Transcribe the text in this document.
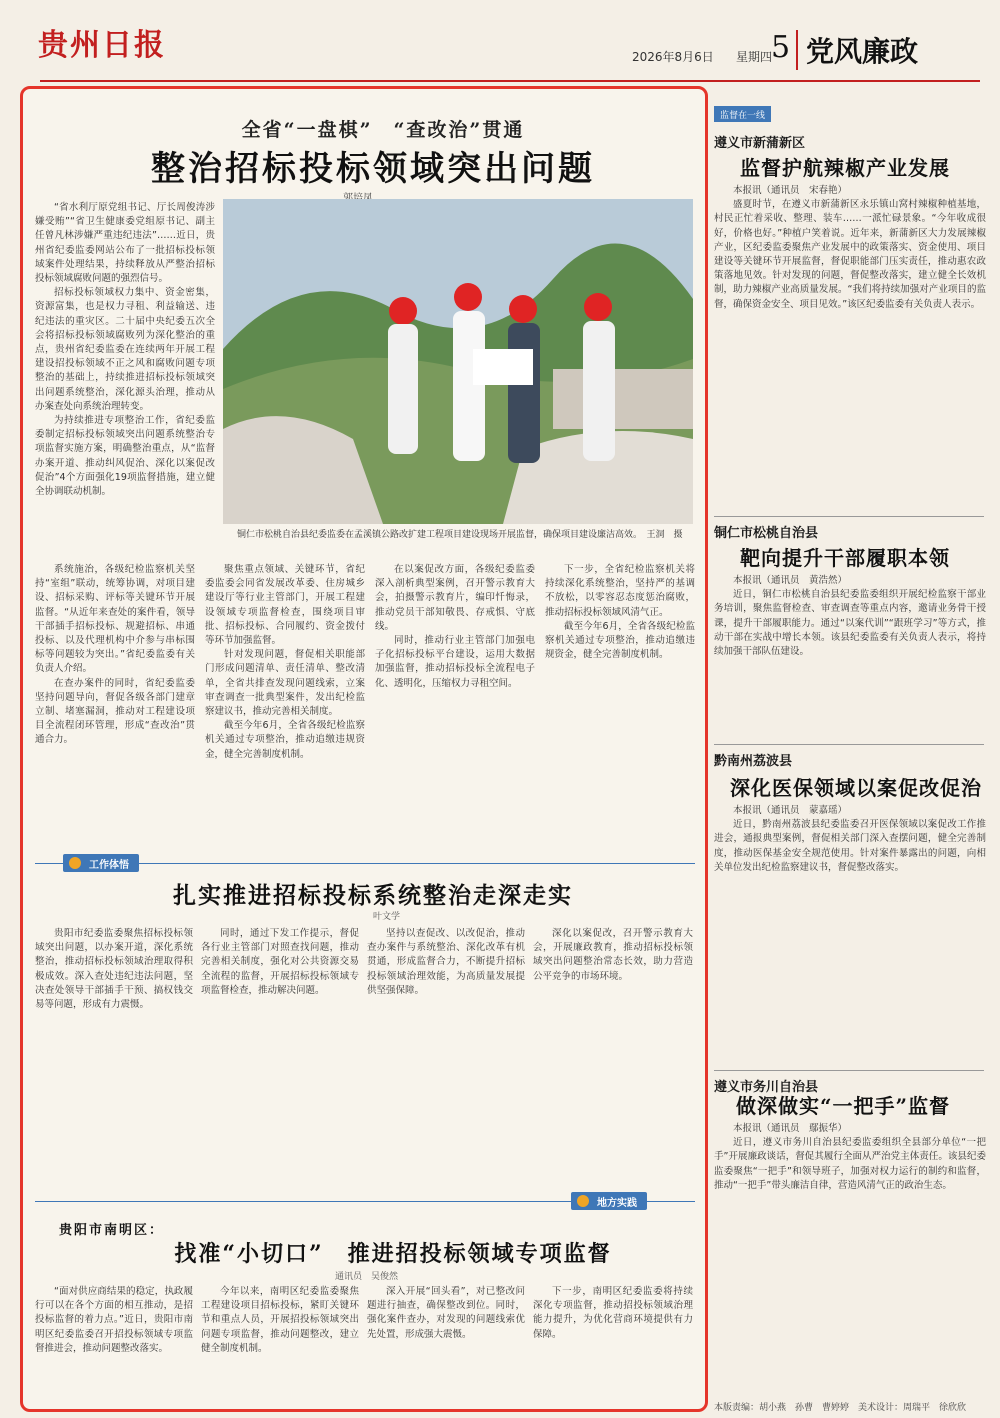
贵州日报	2026年8月6日 星期四
5 党风廉政
全省“一盘棋”　“查改治”贯通
整治招标投标领域突出问题

“省水利厅原党组书记、厅长周俊涛涉嫌受贿”“省卫生健康委党组原书记、副主任曾凡林涉嫌严重违纪违法”……近日，贵州省纪委监委网站公布了一批招标投标领域案件处理结果，持续释放从严整治招标投标领域腐败问题的强烈信号。

招标投标领域权力集中、资金密集，资源富集，也是权力寻租、利益输送、违纪违法的重灾区。二十届中央纪委五次全会将招标投标领域腐败列为深化整治的重点，贵州省纪委监委在连续两年开展工程建设招投标领域不正之风和腐败问题专项整治的基础上，持续推进招标投标领域突出问题系统整治，深化源头治理，推动从办案查处向系统治理转变。

为持续推进专项整治工作，省纪委监委制定招标投标领域突出问题系统整治专项监督实施方案，明确整治重点，从“监督办案开道、推动纠风促治、深化以案促改促治”4个方面强化19项监督措施，建立健全协调联动机制。

铜仁市松桃自治县纪委监委在孟溪镇公路改扩建工程项目建设现场开展监督，确保项目建设廉洁高效。　王洞　摄

系统施治，各级纪检监察机关坚持“室组”联动，统筹协调，对项目建设、招标采购、评标等关键环节开展监督。“从近年来查处的案件看，领导干部插手招标投标、规避招标、串通投标、以及代理机构中介参与串标围标等问题较为突出。”省纪委监委有关负责人介绍。

在查办案件的同时，省纪委监委坚持问题导向，督促各级各部门建章立制、堵塞漏洞，推动对工程建设项目全流程闭环管理，形成“查改治”贯通合力。

聚焦重点领域、关键环节，省纪委监委会同省发展改革委、住房城乡建设厅等行业主管部门，开展工程建设领域专项监督检查，围绕项目审批、招标投标、合同履约、资金拨付等环节加强监督。

针对发现问题，督促相关职能部门形成问题清单、责任清单、整改清单，全省共排查发现问题线索，立案审查调查一批典型案件，发出纪检监察建议书，推动完善相关制度。

截至今年6月，全省各级纪检监察机关通过专项整治，推动追缴违规资金，健全完善制度机制。

在以案促改方面，各级纪委监委深入剖析典型案例，召开警示教育大会，拍摄警示教育片，编印忏悔录，推动党员干部知敬畏、存戒惧、守底线。

同时，推动行业主管部门加强电子化招标投标平台建设，运用大数据加强监督，推动招标投标全流程电子化、透明化，压缩权力寻租空间。

下一步，全省纪检监察机关将持续深化系统整治，坚持严的基调不放松，以零容忍态度惩治腐败，推动招标投标领域风清气正。

截至今年6月，全省各级纪检监察机关通过专项整治，推动追缴违规资金，健全完善制度机制。

工作体悟
扎实推进招标投标系统整治走深走实
叶文学

贵阳市纪委监委聚焦招标投标领域突出问题，以办案开道，深化系统整治，推动招标投标领域治理取得积极成效。深入查处违纪违法问题，坚决查处领导干部插手干预、搞权钱交易等问题，形成有力震慑。

同时，通过下发工作提示，督促各行业主管部门对照查找问题，推动完善相关制度，强化对公共资源交易全流程的监督，开展招标投标领域专项监督检查，推动解决问题。

坚持以查促改、以改促治，推动查办案件与系统整治、深化改革有机贯通，形成监督合力，不断提升招标投标领域治理效能，为高质量发展提供坚强保障。

深化以案促改，召开警示教育大会，开展廉政教育，推动招标投标领域突出问题整治常态长效，助力营造公平竞争的市场环境。

地方实践
贵阳市南明区：
找准“小切口”　推进招投标领域专项监督
通讯员　吴俊然

“面对供应商结果的稳定，执政履行可以在各个方面的相互推动，是招投标监督的着力点。”近日，贵阳市南明区纪委监委召开招投标领域专项监督推进会，推动问题整改落实。

今年以来，南明区纪委监委聚焦工程建设项目招标投标，紧盯关键环节和重点人员，开展招投标领域突出问题专项监督，推动问题整改，建立健全制度机制。

深入开展“回头看”，对已整改问题进行抽查，确保整改到位。同时，强化案件查办，对发现的问题线索优先处置，形成强大震慑。

下一步，南明区纪委监委将持续深化专项监督，推动招投标领域治理能力提升，为优化营商环境提供有力保障。

监督在一线
遵义市新蒲新区
监督护航辣椒产业发展

本报讯（通讯员　宋春艳）

盛夏时节，在遵义市新蒲新区永乐镇山窝村辣椒种植基地，村民正忙着采收、整理、装车……一派忙碌景象。“今年收成很好，价格也好。”种植户笑着说。近年来，新蒲新区大力发展辣椒产业，区纪委监委聚焦产业发展中的政策落实、资金使用、项目建设等关键环节开展监督，督促职能部门压实责任，推动惠农政策落地见效。针对发现的问题，督促整改落实，建立健全长效机制，助力辣椒产业高质量发展。“我们将持续加强对产业项目的监督，确保资金安全、项目见效。”该区纪委监委有关负责人表示。

铜仁市松桃自治县
靶向提升干部履职本领

本报讯（通讯员　黄浩然）

近日，铜仁市松桃自治县纪委监委组织开展纪检监察干部业务培训，聚焦监督检查、审查调查等重点内容，邀请业务骨干授课，提升干部履职能力。通过“以案代训”“跟班学习”等方式，推动干部在实战中增长本领。该县纪委监委有关负责人表示，将持续加强干部队伍建设。

黔南州荔波县
深化医保领域以案促改促治

本报讯（通讯员　蒙嘉瑶）

近日，黔南州荔波县纪委监委召开医保领域以案促改工作推进会，通报典型案例，督促相关部门深入查摆问题，健全完善制度，推动医保基金安全规范使用。针对案件暴露出的问题，向相关单位发出纪检监察建议书，督促整改落实。

遵义市务川自治县
做深做实“一把手”监督

本报讯（通讯员　鄢振华）

近日，遵义市务川自治县纪委监委组织全县部分单位“一把手”开展廉政谈话，督促其履行全面从严治党主体责任。该县纪委监委聚焦“一把手”和领导班子，加强对权力运行的制约和监督，推动“一把手”带头廉洁自律，营造风清气正的政治生态。

本版责编：胡小燕　孙曹　曹婷婷　美术设计：周瑞平　徐欣欣
